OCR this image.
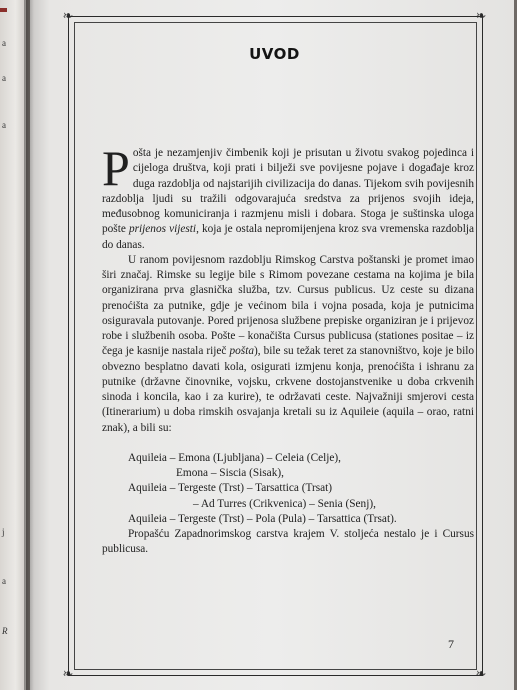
a
a
a
j
a
R
❧	❧
❧	❧
UVOD

Pošta je nezamjenjiv čimbenik koji je prisutan u životu svakog pojedinca i cijeloga društva, koji prati i bilježi sve povijesne pojave i događaje kroz duga razdoblja od najstarijih civilizacija do danas. Tijekom svih povijesnih razdoblja ljudi su tražili odgovarajuća sredstva za prijenos svojih ideja, međusobnog komuniciranja i razmjenu misli i dobara. Stoga je suštinska uloga pošte prijenos vijesti, koja je ostala nepromijenjena kroz sva vremenska razdoblja do danas.

U ranom povijesnom razdoblju Rimskog Carstva poštanski je promet imao širi značaj. Rimske su legije bile s Rimom povezane cestama na kojima je bila organizirana prva glasnička služba, tzv. Cursus publicus. Uz ceste su dizana prenoćišta za putnike, gdje je većinom bila i vojna posada, koja je putnicima osiguravala putovanje. Pored prijenosa službene prepiske organiziran je i prijevoz robe i službenih osoba. Pošte – konačišta Cursus publicusa (stationes positae – iz čega je kasnije nastala riječ pošta), bile su težak teret za stanovništvo, koje je bilo obvezno besplatno davati kola, osigurati izmjenu konja, prenoćišta i ishranu za putnike (državne činovnike, vojsku, crkvene dostojanstvenike u doba crkvenih sinoda i koncila, kao i za kurire), te održavati ceste. Najvažniji smjerovi cesta (Itinerarium) u doba rimskih osvajanja kretali su iz Aquileie (aquila – orao, ratni znak), a bili su:

Aquileia – Emona (Ljubljana) – Celeia (Celje),
Emona – Siscia (Sisak),
Aquileia – Tergeste (Trst) – Tarsattica (Trsat)
– Ad Turres (Crikvenica) – Senia (Senj),
Aquileia – Tergeste (Trst) – Pola (Pula) – Tarsattica (Trsat).

Propašću Zapadnorimskog carstva krajem V. stoljeća nestalo je i Cursus publicusa.

7
